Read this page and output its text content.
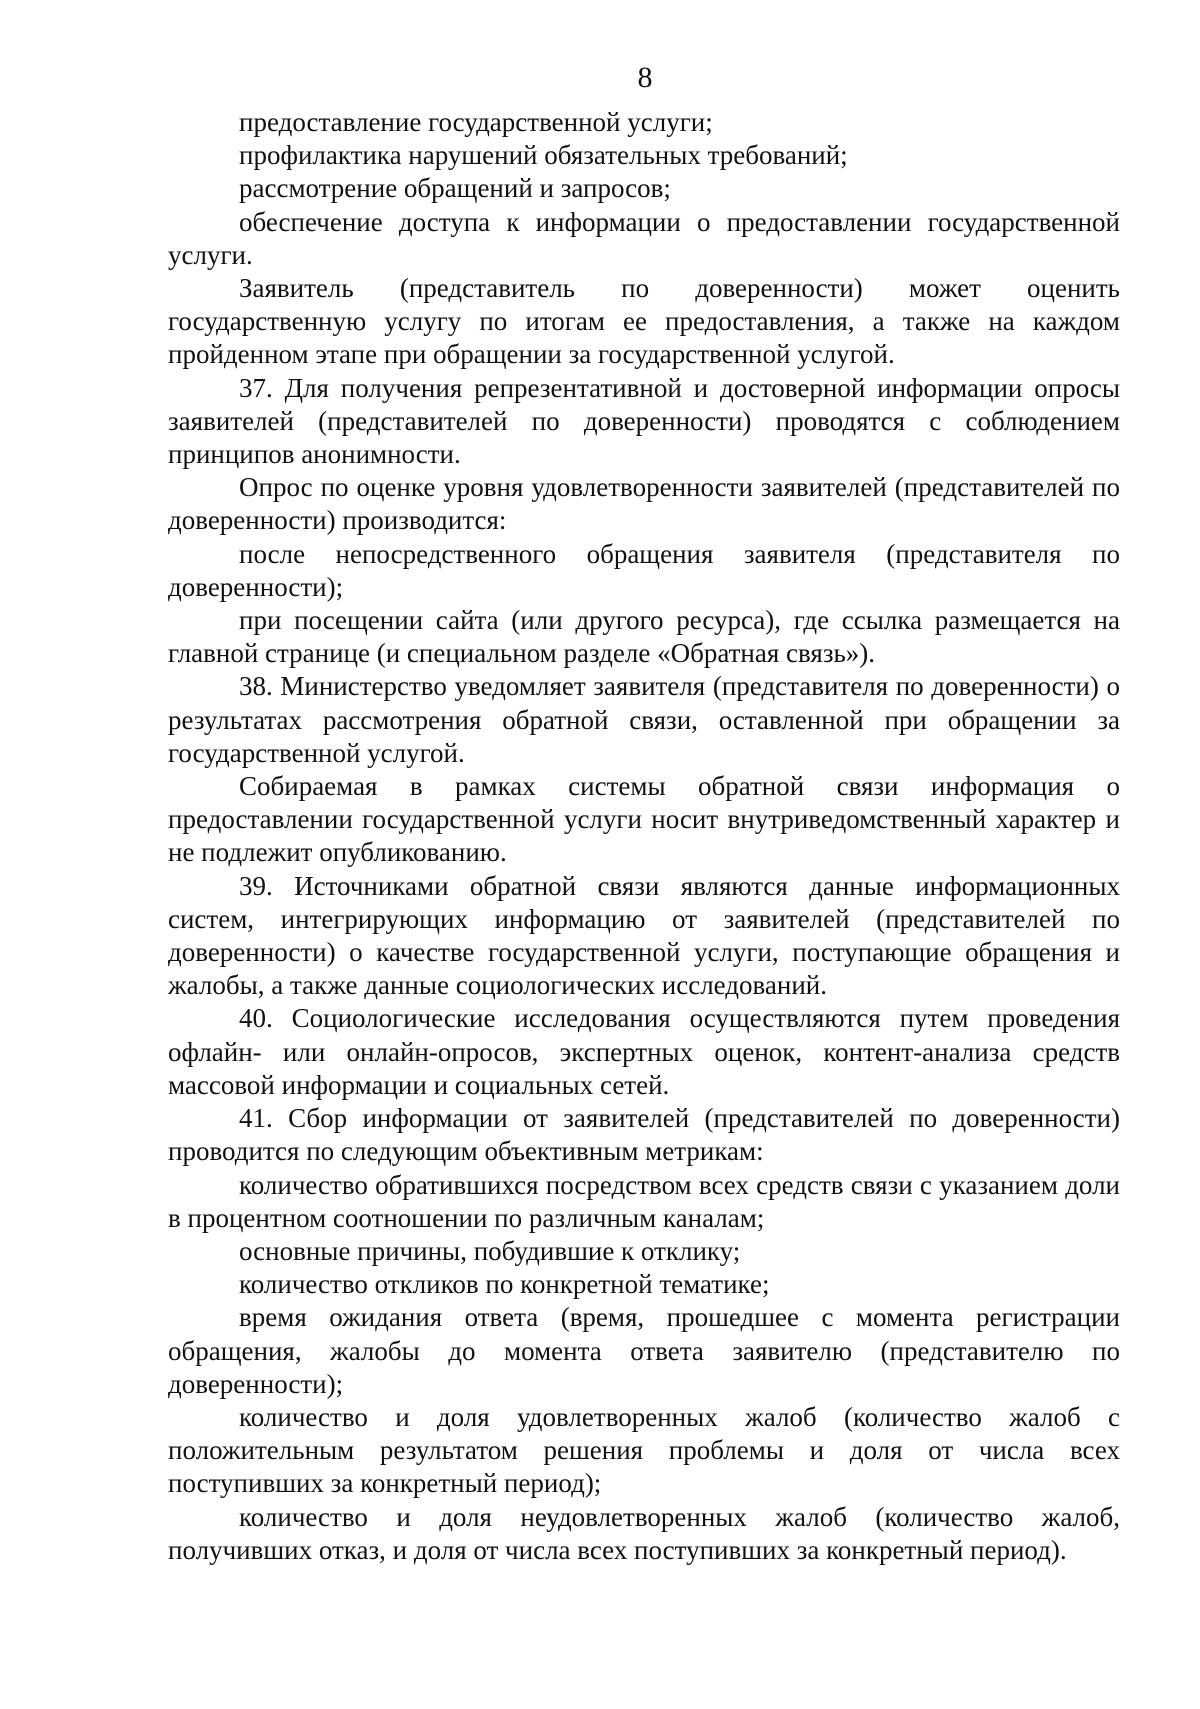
8

предоставление государственной услуги;

профилактика нарушений обязательных требований;

рассмотрение обращений и запросов;

обеспечение доступа к информации о предоставлении государственной услуги.

Заявитель (представитель по доверенности) может оценить государственную услугу по итогам ее предоставления, а также на каждом пройденном этапе при обращении за государственной услугой.

37. Для получения репрезентативной и достоверной информации опросы заявителей (представителей по доверенности) проводятся с соблюдением принципов анонимности.

Опрос по оценке уровня удовлетворенности заявителей (представителей по доверенности) производится:

после непосредственного обращения заявителя (представителя по доверенности);

при посещении сайта (или другого ресурса), где ссылка размещается на главной странице (и специальном разделе «Обратная связь»).

38. Министерство уведомляет заявителя (представителя по доверенности) о результатах рассмотрения обратной связи, оставленной при обращении за государственной услугой.

Собираемая в рамках системы обратной связи информация о предоставлении государственной услуги носит внутриведомственный характер и не подлежит опубликованию.

39. Источниками обратной связи являются данные информационных систем, интегрирующих информацию от заявителей (представителей по доверенности) о качестве государственной услуги, поступающие обращения и жалобы, а также данные социологических исследований.

40. Социологические исследования осуществляются путем проведения офлайн- или онлайн-опросов, экспертных оценок, контент-анализа средств массовой информации и социальных сетей.

41. Сбор информации от заявителей (представителей по доверенности) проводится по следующим объективным метрикам:

количество обратившихся посредством всех средств связи с указанием доли в процентном соотношении по различным каналам;

основные причины, побудившие к отклику;

количество откликов по конкретной тематике;

время ожидания ответа (время, прошедшее с момента регистрации обращения, жалобы до момента ответа заявителю (представителю по доверенности);

количество и доля удовлетворенных жалоб (количество жалоб с положительным результатом решения проблемы и доля от числа всех поступивших за конкретный период);

количество и доля неудовлетворенных жалоб (количество жалоб, получивших отказ, и доля от числа всех поступивших за конкретный период).
